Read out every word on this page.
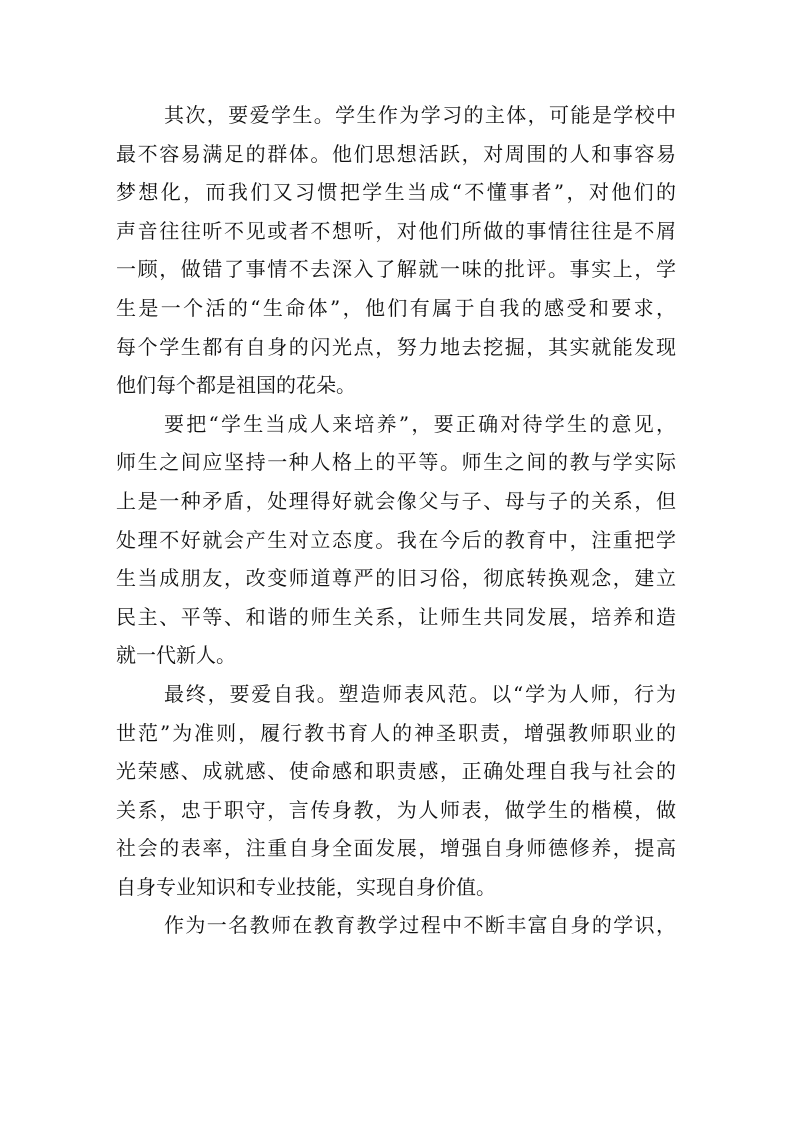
其次，要爱学生。学生作为学习的主体，可能是学校中

最不容易满足的群体。他们思想活跃，对周围的人和事容易

梦想化，而我们又习惯把学生当成“不懂事者”，对他们的

声音往往听不见或者不想听，对他们所做的事情往往是不屑

一顾，做错了事情不去深入了解就一味的批评。事实上，学

生是一个活的“生命体”，他们有属于自我的感受和要求，

每个学生都有自身的闪光点，努力地去挖掘，其实就能发现

他们每个都是祖国的花朵。

要把“学生当成人来培养”，要正确对待学生的意见，

师生之间应坚持一种人格上的平等。师生之间的教与学实际

上是一种矛盾，处理得好就会像父与子、母与子的关系，但

处理不好就会产生对立态度。我在今后的教育中，注重把学

生当成朋友，改变师道尊严的旧习俗，彻底转换观念，建立

民主、平等、和谐的师生关系，让师生共同发展，培养和造

就一代新人。

最终，要爱自我。塑造师表风范。以“学为人师，行为

世范”为准则，履行教书育人的神圣职责，增强教师职业的

光荣感、成就感、使命感和职责感，正确处理自我与社会的

关系，忠于职守，言传身教，为人师表，做学生的楷模，做

社会的表率，注重自身全面发展，增强自身师德修养，提高

自身专业知识和专业技能，实现自身价值。

作为一名教师在教育教学过程中不断丰富自身的学识，
